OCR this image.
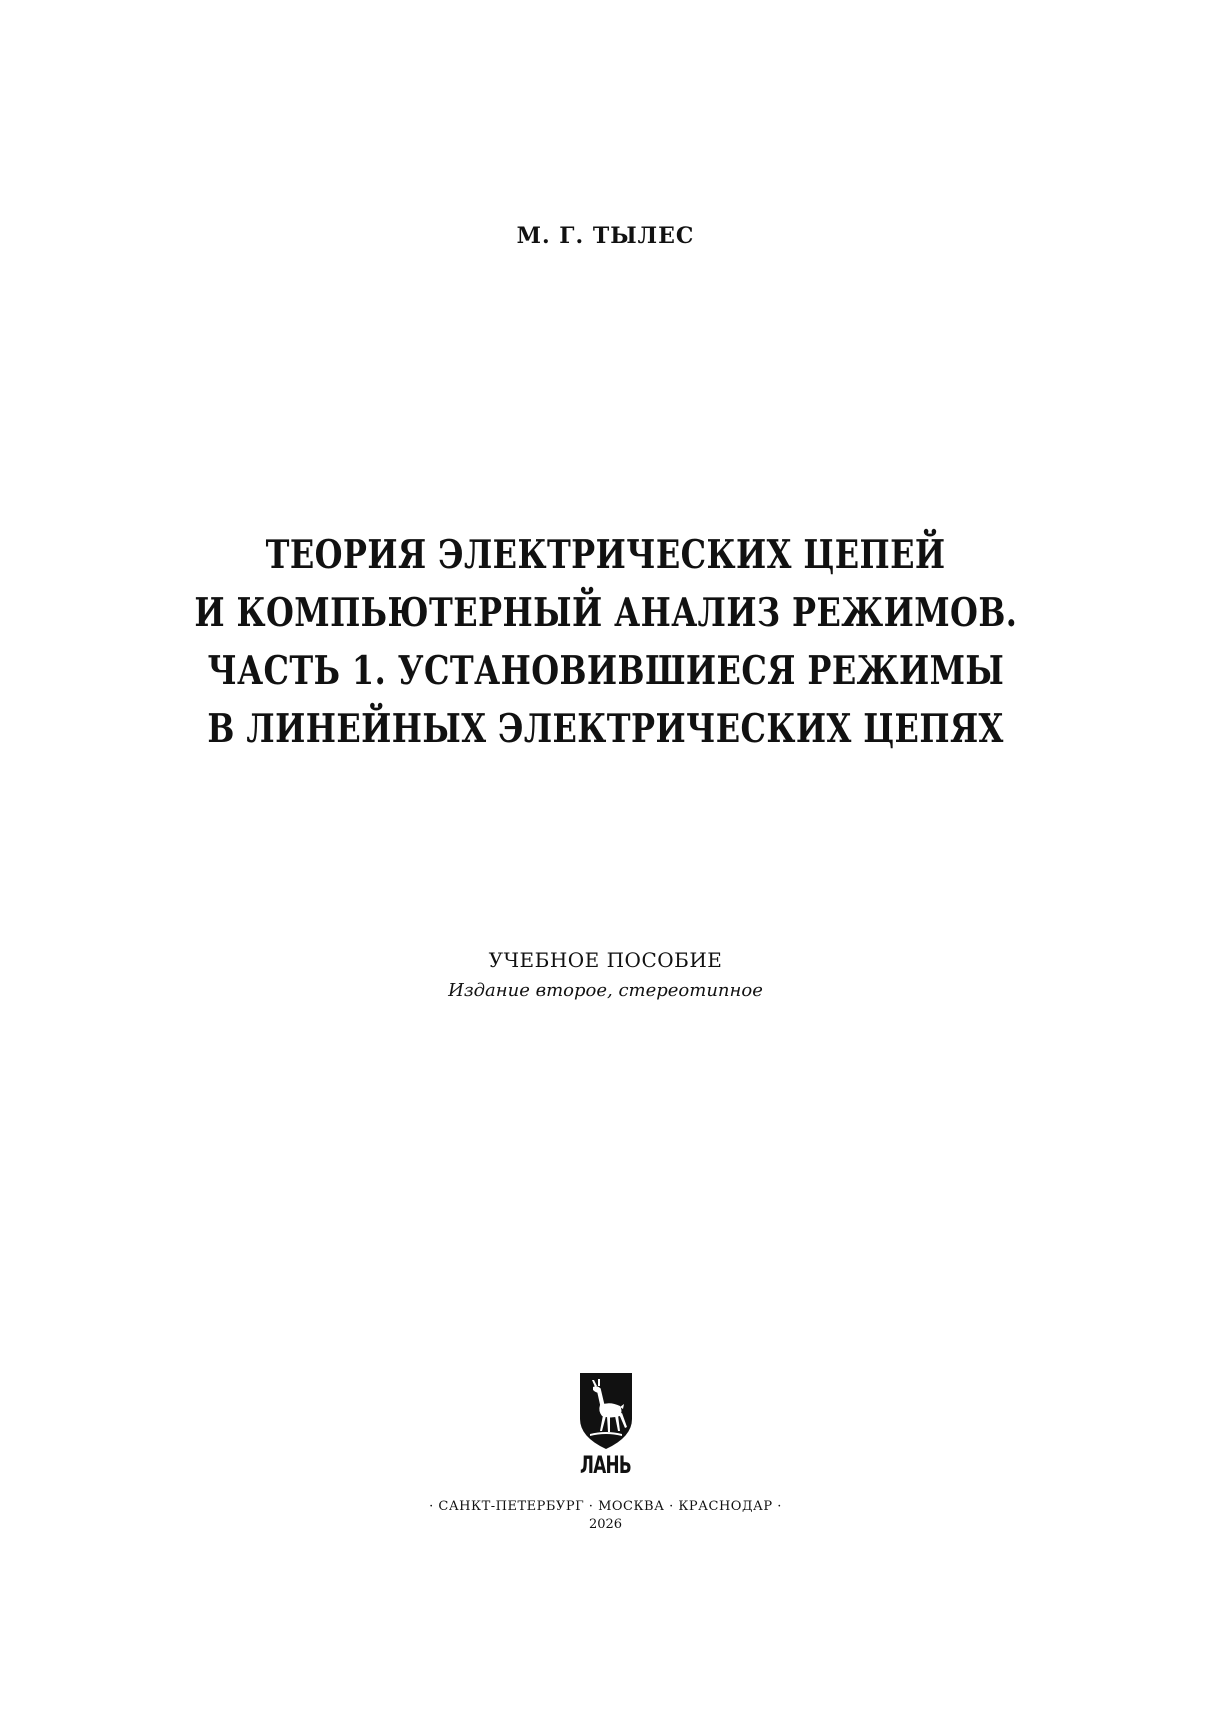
М. Г. ТЫЛЕС
ТЕОРИЯ ЭЛЕКТРИЧЕСКИХ ЦЕПЕЙ
И КОМПЬЮТЕРНЫЙ АНАЛИЗ РЕЖИМОВ.
ЧАСТЬ 1. УСТАНОВИВШИЕСЯ РЕЖИМЫ
В ЛИНЕЙНЫХ ЭЛЕКТРИЧЕСКИХ ЦЕПЯХ
УЧЕБНОЕ ПОСОБИЕ
Издание второе, стереотипное
ЛАНЬ
· САНКТ-ПЕТЕРБУРГ · МОСКВА · КРАСНОДАР ·
2026
